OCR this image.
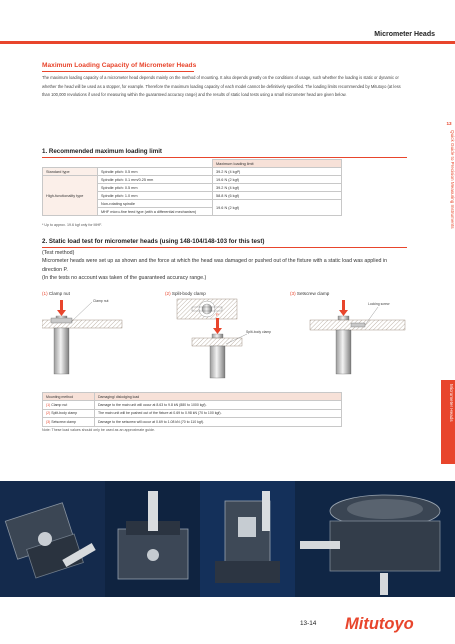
Micrometer Heads
Maximum Loading Capacity of Micrometer Heads

The maximum loading capacity of a micrometer head depends mainly on the method of mounting. It also depends greatly on the conditions of usage, such whether the loading is static or dynamic or whether the head will be used as a stopper, for example. Therefore the maximum loading capacity of each model cannot be definitively specified. The loading limits recommended by Mitutoyo (at less than 100,000 revolutions if used for measuring within the guaranteed accuracy range) and the results of static load tests using a small micrometer head are given below.

1. Recommended maximum loading limit
		Maximum loading limit
Standard type	Spindle pitch: 0.5 mm	39.2 N (4 kgf¹)
High-functionality type	Spindle pitch: 0.1 mm/0.25 mm	19.6 N (2 kgf)
	Spindle pitch: 0.5 mm	39.2 N (4 kgf)
	Spindle pitch: 1.0 mm	58.8 N (6 kgf)
	Non-rotating spindle	19.6 N (2 kgf)
	MHF micro-fine feed type (with a differential mechanism)	
* Up to approx. 19.6 kgf only for MHF.
2. Static load test for micrometer heads (using 148-104/148-103 for this test)
(Test method)
Micrometer heads were set up as shown and the force at which the head was damaged or pushed out of the fixture with a static load was applied in direction P.
(In the tests no account was taken of the guaranteed accuracy range.)
(1) Clamp nut	(2) Split-body clamp	(3) Setscrew clamp
Clamp nut
P
Split-body clamp
Locking screw
Mounting method	Damaging/ dislodging load
(1) Clamp nut	Damage to the main unit will occur at 8.63 to 9.8 kN (880 to 1000 kgf).
(2) Split-body clamp	The main unit will be pushed out of the fixture at 0.69 to 0.98 kN (70 to 100 kgf).
(3) Setscrew clamp	Damage to the setscrew will occur at 0.69 to 1.08 kN (70 to 110 kgf).
Note: These load values should only be used as an approximate guide.
13
Quick Guide to Precision Measuring Instruments
Micrometer Heads
13-14 Mitutoyo
